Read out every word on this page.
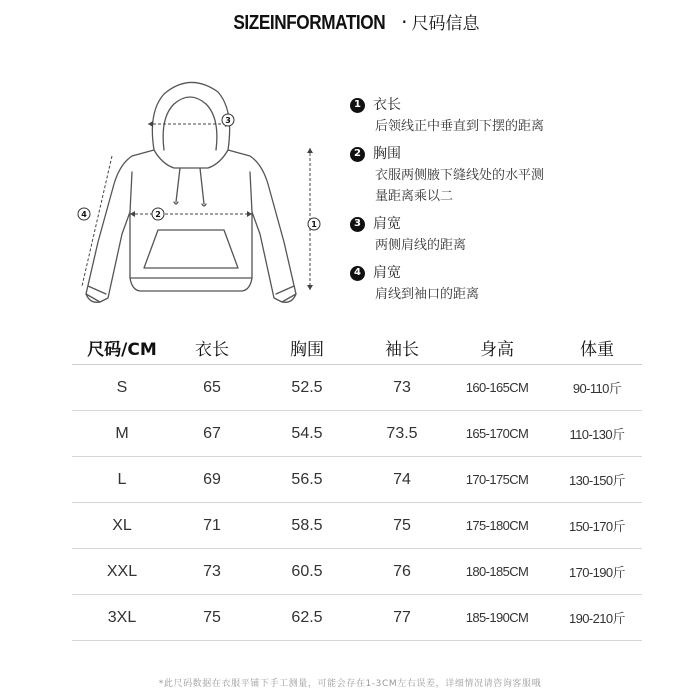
SIZEINFORMATION · 尺码信息
3
2
1
4
1 衣长
后领线正中垂直到下摆的距离
2 胸围
衣服两侧腋下缝线处的水平测
量距离乘以二
3 肩宽
两侧肩线的距离
4 肩宽
肩线到袖口的距离
尺码/CM	衣长	胸围	袖长	身高	体重
S	65	52.5	73	160-165CM	90-110斤
M	67	54.5	73.5	165-170CM	110-130斤
L	69	56.5	74	170-175CM	130-150斤
XL	71	58.5	75	175-180CM	150-170斤
XXL	73	60.5	76	180-185CM	170-190斤
3XL	75	62.5	77	185-190CM	190-210斤
*此尺码数据在衣服平铺下手工测量，可能会存在1-3CM左右误差，详细情况请咨询客服哦
